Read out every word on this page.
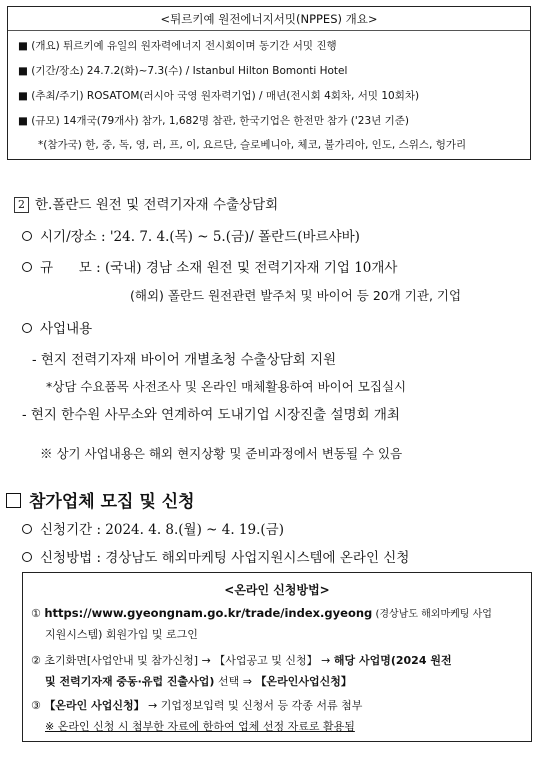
<튀르키예 원전에너지서밋(NPPES) 개요>
■ (개요) 튀르키예 유일의 원자력에너지 전시회이며 동기간 서밋 진행
■ (기간/장소) 24.7.2(화)~7.3(수) / Istanbul Hilton Bomonti Hotel
■ (추최/주기) ROSATOM(러시아 국영 원자력기업) / 매년(전시회 4회차, 서밋 10회차)
■ (규모) 14개국(79개사) 참가, 1,682명 참관, 한국기업은 한전만 참가 ('23년 기준)
*(참가국) 한, 중, 독, 영, 러, 프, 이, 요르단, 슬로베니아, 체코, 불가리아, 인도, 스위스, 헝가리
2 한.폴란드 원전 및 전력기자재 수출상담회
시기/장소 : '24. 7. 4.(목) ~ 5.(금)/ 폴란드(바르샤바)
규      모 : (국내) 경남 소재 원전 및 전력기자재 기업 10개사
(해외) 폴란드 원전관련 발주처 및 바이어 등 20개 기관, 기업
사업내용
- 현지 전력기자재 바이어 개별초청 수출상담회 지원
*상담 수요품목 사전조사 및 온라인 매체활용하여 바이어 모집실시
- 현지 한수원 사무소와 연계하여 도내기업 시장진출 설명회 개최
※ 상기 사업내용은 해외 현지상황 및 준비과정에서 변동될 수 있음
참가업체 모집 및 신청
신청기간 : 2024. 4. 8.(월) ~ 4. 19.(금)
신청방법 : 경상남도 해외마케팅 사업지원시스템에 온라인 신청
<온라인 신청방법>
① https://www.gyeongnam.go.kr/trade/index.gyeong (경상남도 해외마케팅 사업
지원시스템) 회원가입 및 로그인
② 초기화면[사업안내 및 참가신청] → 【사업공고 및 신청】 → 해당 사업명(2024 원전
및 전력기자재 중동·유럽 진출사업) 선택 ⇒ 【온라인사업신청】
③ 【온라인 사업신청】 → 기업정보입력 및 신청서 등 각종 서류 첨부
※ 온라인 신청 시 첨부한 자료에 한하여 업체 선정 자료로 활용됨
